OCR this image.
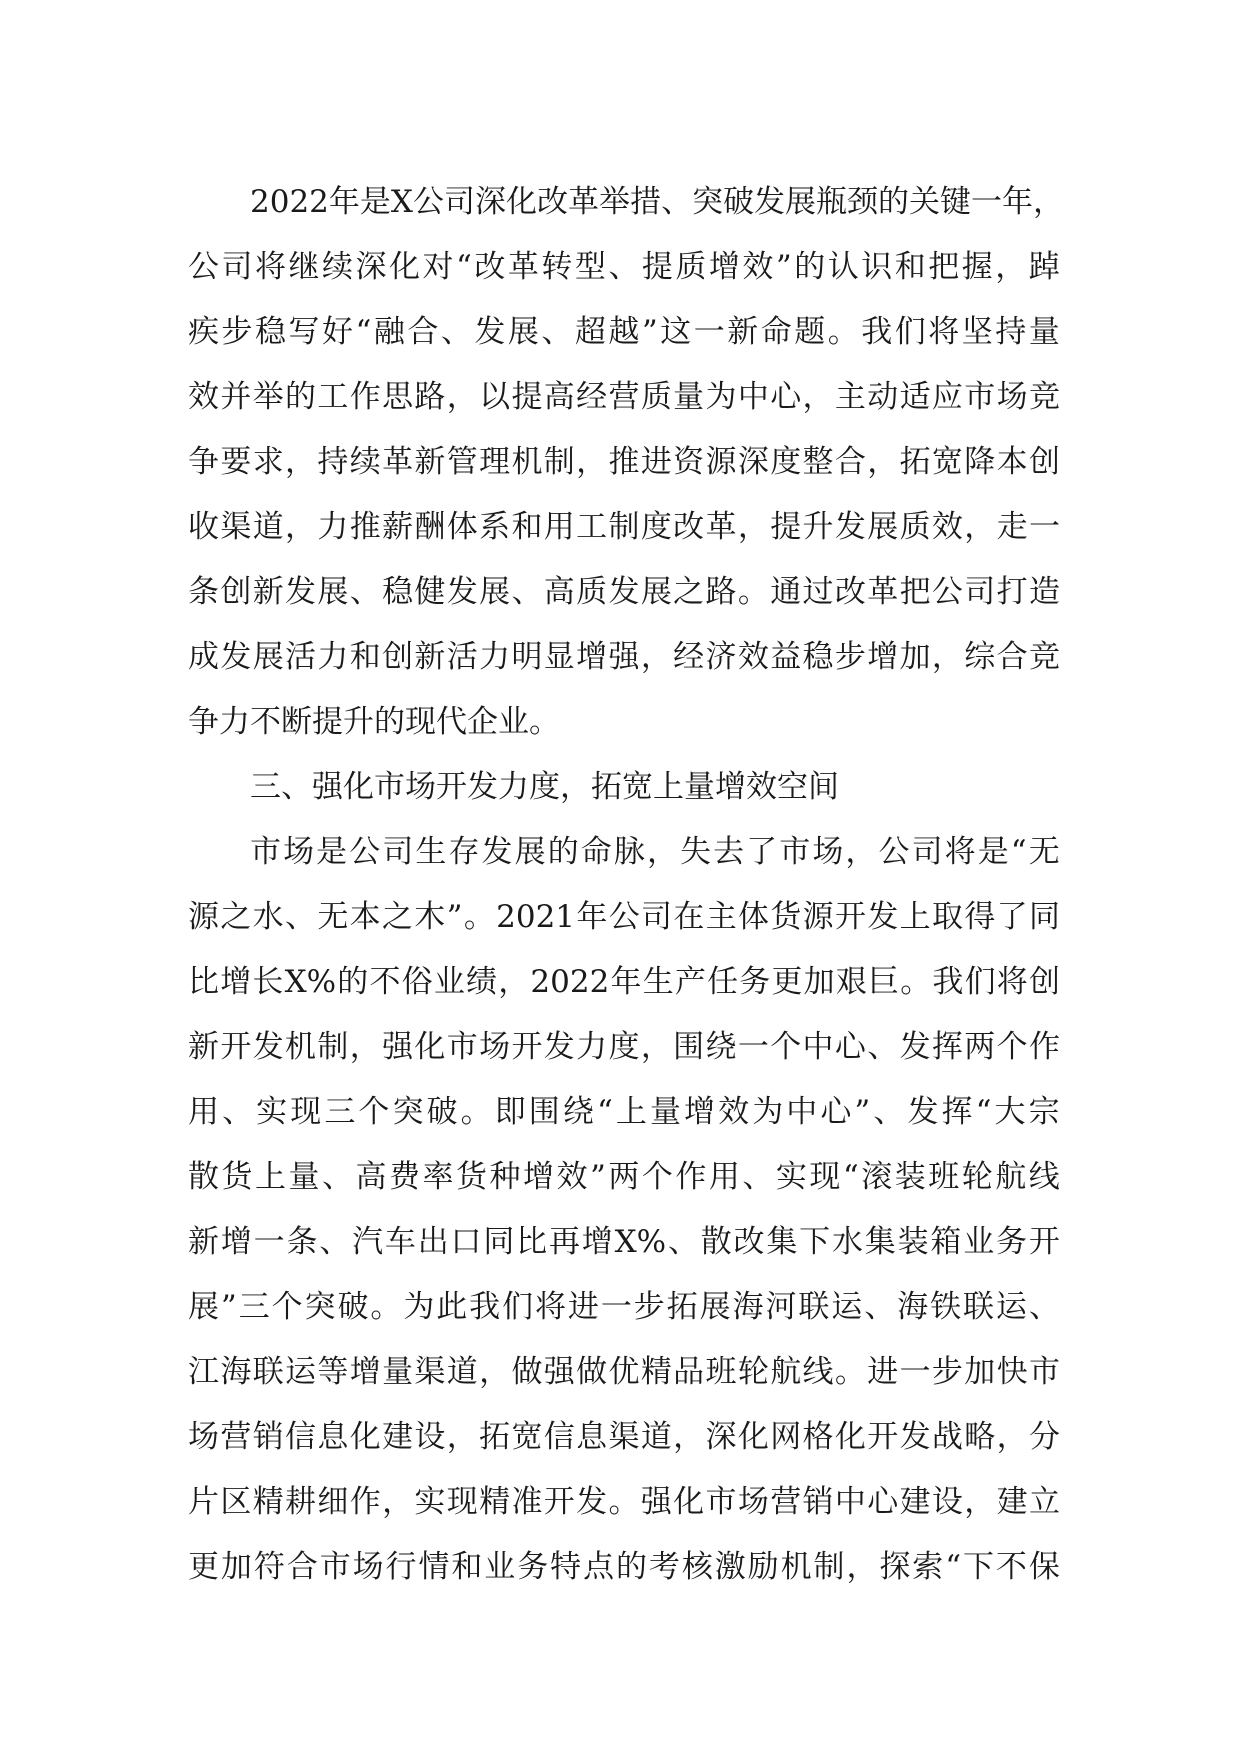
2022 年 是 X 公 司 深 化 改 革 举 措 、 突 破 发 展 瓶 颈 的 关 键 一 年 ，
公 司 将 继 续 深 化 对 “ 改 革 转 型 、 提 质 增 效 ” 的 认 识 和 把 握 ， 踔
疾 步 稳 写 好 “ 融 合 、 发 展 、 超 越 ” 这 一 新 命 题 。 我 们 将 坚 持 量
效 并 举 的 工 作 思 路 ， 以 提 高 经 营 质 量 为 中 心 ， 主 动 适 应 市 场 竞
争 要 求 ， 持 续 革 新 管 理 机 制 ， 推 进 资 源 深 度 整 合 ， 拓 宽 降 本 创
收 渠 道 ， 力 推 薪 酬 体 系 和 用 工 制 度 改 革 ， 提 升 发 展 质 效 ， 走 一
条 创 新 发 展 、 稳 健 发 展 、 高 质 发 展 之 路 。 通 过 改 革 把 公 司 打 造
成 发 展 活 力 和 创 新 活 力 明 显 增 强 ， 经 济 效 益 稳 步 增 加 ， 综 合 竞
争力不断提升的现代企业。
三、强化市场开发力度，拓宽上量增效空间
市 场 是 公 司 生 存 发 展 的 命 脉 ， 失 去 了 市 场 ， 公 司 将 是 “ 无
源 之 水 、 无 本 之 木 ” 。 2021 年 公 司 在 主 体 货 源 开 发 上 取 得 了 同
比 增 长 X% 的 不 俗 业 绩 ， 2022 年 生 产 任 务 更 加 艰 巨 。 我 们 将 创
新 开 发 机 制 ， 强 化 市 场 开 发 力 度 ， 围 绕 一 个 中 心 、 发 挥 两 个 作
用 、 实 现 三 个 突 破 。 即 围 绕 “ 上 量 增 效 为 中 心 ” 、 发 挥 “ 大 宗
散 货 上 量 、 高 费 率 货 种 增 效 ” 两 个 作 用 、 实 现 “ 滚 装 班 轮 航 线
新 增 一 条 、 汽 车 出 口 同 比 再 增 X% 、 散 改 集 下 水 集 装 箱 业 务 开
展 ” 三 个 突 破 。 为 此 我 们 将 进 一 步 拓 展 海 河 联 运 、 海 铁 联 运 、
江 海 联 运 等 增 量 渠 道 ， 做 强 做 优 精 品 班 轮 航 线 。 进 一 步 加 快 市
场 营 销 信 息 化 建 设 ， 拓 宽 信 息 渠 道 ， 深 化 网 格 化 开 发 战 略 ， 分
片 区 精 耕 细 作 ， 实 现 精 准 开 发 。 强 化 市 场 营 销 中 心 建 设 ， 建 立
更 加 符 合 市 场 行 情 和 业 务 特 点 的 考 核 激 励 机 制 ， 探 索 “ 下 不 保
